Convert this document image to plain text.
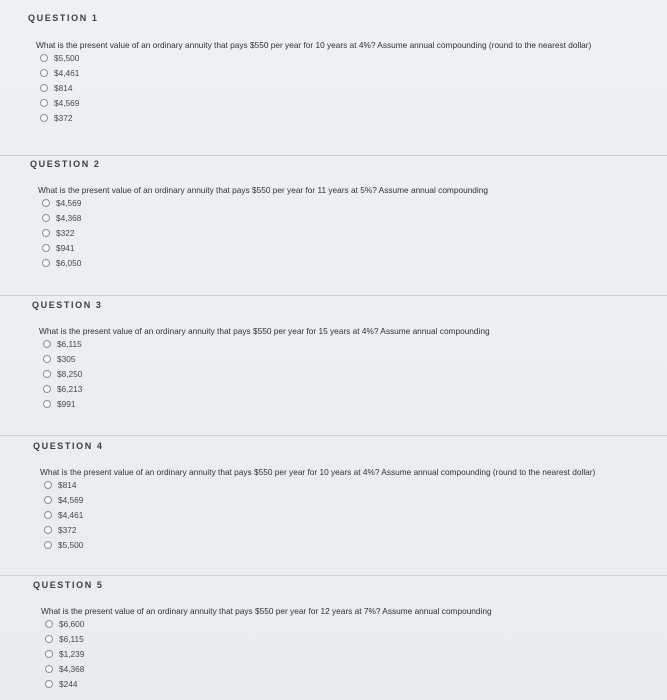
QUESTION 1
What is the present value of an ordinary annuity that pays $550 per year for 10 years at 4%? Assume annual compounding (round to the nearest dollar)
$5,500
$4,461
$814
$4,569
$372
QUESTION 2
What is the present value of an ordinary annuity that pays $550 per year for 11 years at 5%? Assume annual compounding
$4,569
$4,368
$322
$941
$6,050
QUESTION 3
What is the present value of an ordinary annuity that pays $550 per year for 15 years at 4%? Assume annual compounding
$6,115
$305
$8,250
$6,213
$991
QUESTION 4
What is the present value of an ordinary annuity that pays $550 per year for 10 years at 4%? Assume annual compounding (round to the nearest dollar)
$814
$4,569
$4,461
$372
$5,500
QUESTION 5
What is the present value of an ordinary annuity that pays $550 per year for 12 years at 7%? Assume annual compounding
$6,600
$6,115
$1,239
$4,368
$244
